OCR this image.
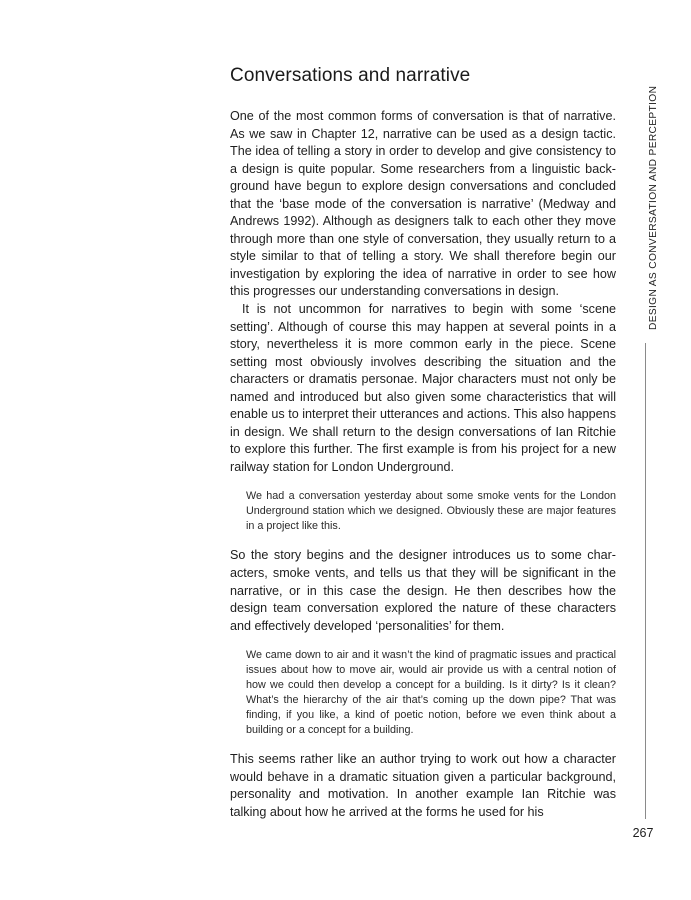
Conversations and narrative

One of the most common forms of conversation is that of narrative. As we saw in Chapter 12, narrative can be used as a design tactic. The idea of telling a story in order to develop and give consistency to a design is quite popular. Some researchers from a linguistic background have begun to explore design conversations and concluded that the ‘base mode of the conversation is narrative’ (Medway and Andrews 1992). Although as designers talk to each other they move through more than one style of conversation, they usually return to a style similar to that of telling a story. We shall therefore begin our investigation by exploring the idea of narrative in order to see how this progresses our understanding conversations in design.

It is not uncommon for narratives to begin with some ‘scene setting’. Although of course this may happen at several points in a story, nevertheless it is more common early in the piece. Scene setting most obviously involves describing the situation and the characters or dramatis personae. Major characters must not only be named and introduced but also given some characteristics that will enable us to interpret their utterances and actions. This also happens in design. We shall return to the design conversations of Ian Ritchie to explore this further. The first example is from his project for a new railway station for London Underground.

We had a conversation yesterday about some smoke vents for the London Underground station which we designed. Obviously these are major features in a project like this.

So the story begins and the designer introduces us to some characters, smoke vents, and tells us that they will be significant in the narrative, or in this case the design. He then describes how the design team conversation explored the nature of these characters and effectively developed ‘personalities’ for them.

We came down to air and it wasn’t the kind of pragmatic issues and practical issues about how to move air, would air provide us with a central notion of how we could then develop a concept for a building. Is it dirty? Is it clean? What’s the hierarchy of the air that’s coming up the down pipe? That was finding, if you like, a kind of poetic notion, before we even think about a building or a concept for a building.

This seems rather like an author trying to work out how a character would behave in a dramatic situation given a particular background, personality and motivation. In another example Ian Ritchie was talking about how he arrived at the forms he used for his

DESIGN AS CONVERSATION AND PERCEPTION
267
